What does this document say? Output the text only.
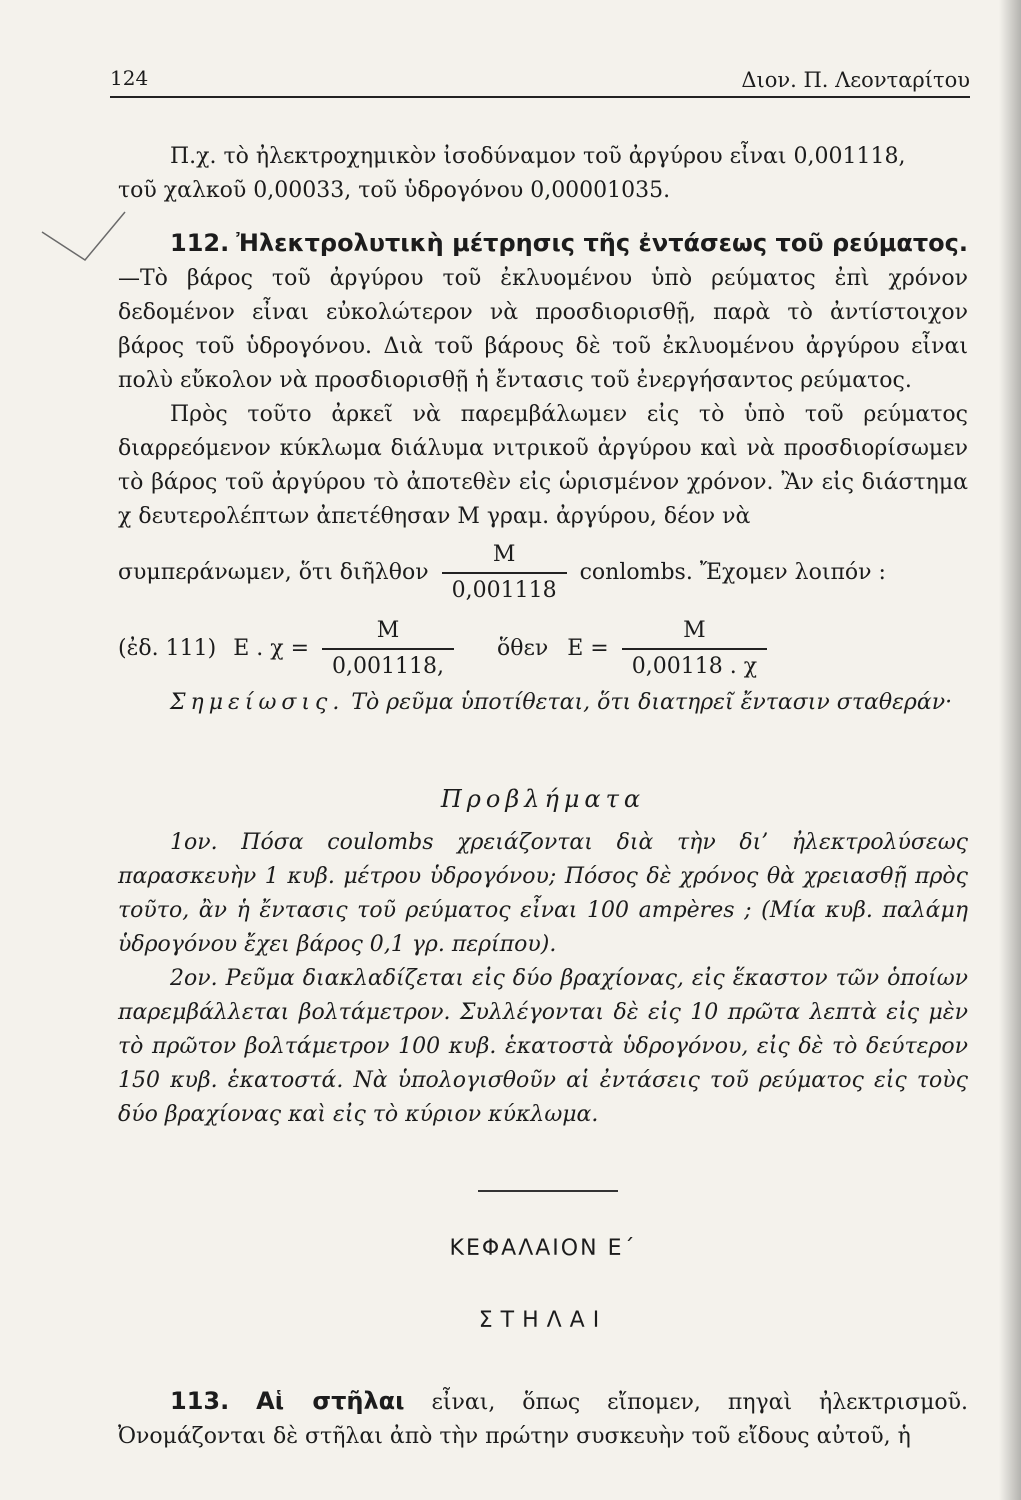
124	Διον. Π. Λεονταρίτου

Π.χ. τὸ ἠλεκτροχημικὸν ἰσοδύναμον τοῦ ἀργύρου εἶναι 0,001118,

τοῦ χαλκοῦ 0,00033, τοῦ ὑδρογόνου 0,00001035.

112. Ἠλεκτρολυτικὴ μέτρησις τῆς ἐντάσεως τοῦ ρεύματος. —Τὸ βάρος τοῦ ἀργύρου τοῦ ἐκλυομένου ὑπὸ ρεύματος ἐπὶ χρόνον δεδομένον εἶναι εὐκολώτερον νὰ προσδιορισθῇ, παρὰ τὸ ἀντίστοιχον βάρος τοῦ ὑδρογόνου. Διὰ τοῦ βάρους δὲ τοῦ ἐκλυομένου ἀργύρου εἶναι πολὺ εὔκολον νὰ προσδιορισθῇ ἡ ἔντασις τοῦ ἐνεργήσαντος ρεύματος.

Πρὸς τοῦτο ἀρκεῖ νὰ παρεμβάλωμεν εἰς τὸ ὑπὸ τοῦ ρεύματος διαρρεόμενον κύκλωμα διάλυμα νιτρικοῦ ἀργύρου καὶ νὰ προσδιορίσωμεν τὸ βάρος τοῦ ἀργύρου τὸ ἀποτεθὲν εἰς ὡρισμένον χρόνον. Ἂν εἰς διάστημα χ δευτερολέπτων ἀπετέθησαν Μ γραμ. ἀργύρου, δέον νὰ

συμπεράνωμεν, ὅτι διῆλθον $\frac{M}{0,001118}$ conlombs. Ἔχομεν λοιπόν :

(ἐδ. 111) E . $\chi = \frac{M}{0,001118,}$ ὅθεν $E = \frac{M}{0,00118 . \chi}$

Σημείωσις. Τὸ ρεῦμα ὑποτίθεται, ὅτι διατηρεῖ ἔντασιν σταθεράν·

Προβλήματα

1ον. Πόσα coulombs χρειάζονται διὰ τὴν δι’ ἠλεκτρολύσεως παρασκευὴν 1 κυβ. μέτρου ὑδρογόνου; Πόσος δὲ χρόνος θὰ χρειασθῇ πρὸς τοῦτο, ἂν ἡ ἔντασις τοῦ ρεύματος εἶναι 100 ampères ; (Μία κυβ. παλάμη ὑδρογόνου ἔχει βάρος 0,1 γρ. περίπου).

2ον. Ρεῦμα διακλαδίζεται εἰς δύο βραχίονας, εἰς ἕκαστον τῶν ὁποίων παρεμβάλλεται βολτάμετρον. Συλλέγονται δὲ εἰς 10 πρῶτα λεπτὰ εἰς μὲν τὸ πρῶτον βολτάμετρον 100 κυβ. ἑκατοστὰ ὑδρογόνου, εἰς δὲ τὸ δεύτερον 150 κυβ. ἑκατοστά. Νὰ ὑπολογισθοῦν αἱ ἐντάσεις τοῦ ρεύματος εἰς τοὺς δύο βραχίονας καὶ εἰς τὸ κύριον κύκλωμα.

ΚΕΦΑΛΑΙΟΝ Ε΄

ΣΤΗΛΑΙ

113. Αἱ στῆλαι εἶναι, ὅπως εἴπομεν, πηγαὶ ἠλεκτρισμοῦ. Ὀνομάζονται δὲ στῆλαι ἀπὸ τὴν πρώτην συσκευὴν τοῦ εἴδους αὐτοῦ, ἡ
